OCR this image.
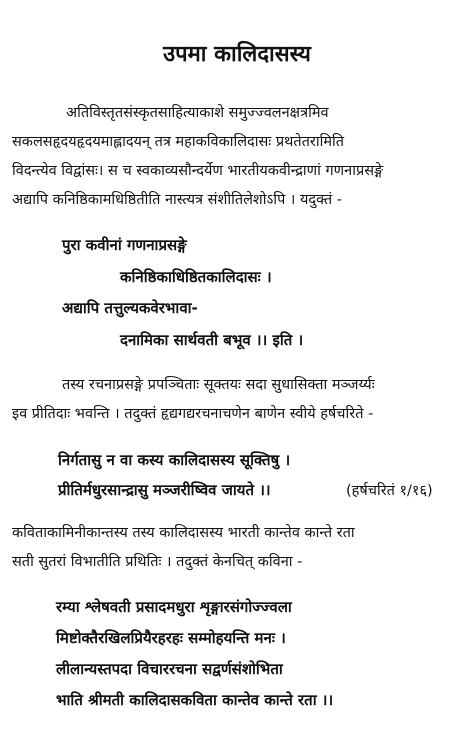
उपमा कालिदासस्य
अतिविस्तृतसंस्कृतसाहित्याकाशे समुज्ज्वलनक्षत्रमिव
सकलसहृदयहृदयमाह्लादयन् तत्र महाकविकालिदासः प्रथतेतरामिति
विदन्त्येव विद्वांसः। स च स्वकाव्यसौन्दर्येण भारतीयकवीन्द्राणां गणनाप्रसङ्गे
अद्यापि कनिष्ठिकामधिष्ठितीति नास्त्यत्र संशीतिलेशोऽपि । यदुक्तं -
पुरा कवीनां गणनाप्रसङ्गे
कनिष्ठिकाधिष्ठितकालिदासः ।
अद्यापि तत्तुल्यकवेरभावा-
दनामिका सार्थवती बभूव ।। इति ।
तस्य रचनाप्रसङ्गे प्रपञ्चिताः सूक्तयः सदा सुधासिक्ता मञ्जर्य्यः
इव प्रीतिदाः भवन्ति । तदुक्तं हृद्यगद्यरचनाचणेन बाणेन स्वीये हर्षचरिते -
निर्गतासु न वा कस्य कालिदासस्य सूक्तिषु ।
प्रीतिर्मधुरसान्द्रासु मञ्जरीष्विव जायते ।।	(हर्षचरितं १/१६)
कविताकामिनीकान्तस्य तस्य कालिदासस्य भारती कान्तेव कान्ते रता
सती सुतरां विभातीति प्रथितिः । तदुक्तं केनचित् कविना -
रम्या श्लेषवती प्रसादमधुरा शृङ्गारसंगोज्ज्वला
मिष्टोक्तैरखिलप्रियैरहरहः सम्मोहयन्ति मनः ।
लीलान्यस्तपदा विचाररचना सद्वर्णसंशोभिता
भाति श्रीमती कालिदासकविता कान्तेव कान्ते रता ।।
